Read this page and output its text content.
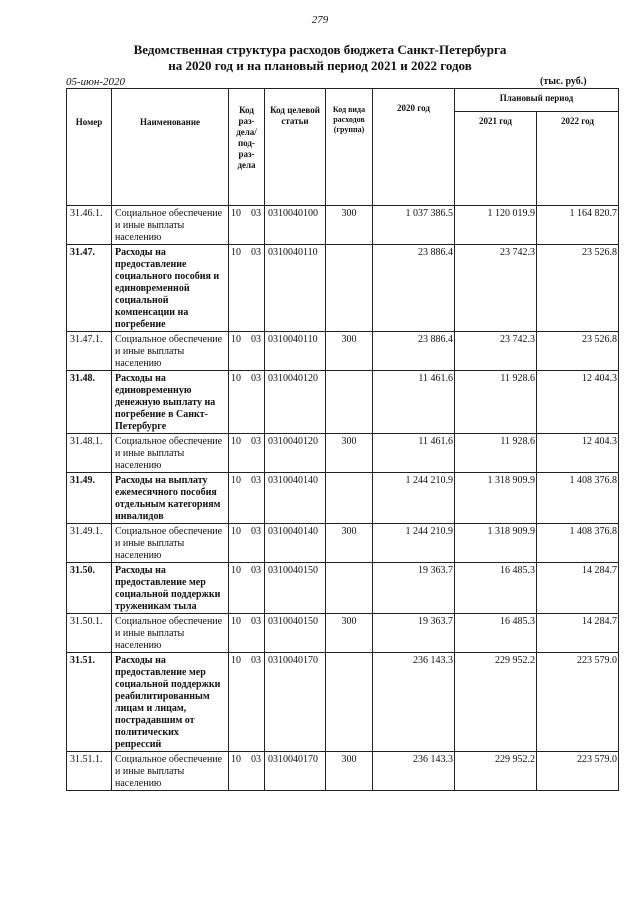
279
Ведомственная структура расходов бюджета Санкт-Петербурга
на 2020 год и на плановый период 2021 и 2022 годов
05-июн-2020	(тыс. руб.)
Номер	Наименование	Код раз- дела/ под- раз- дела	Код целевой статьи	Код вида расходов (группа)	2020 год	Плановый период	
						2021 год	2022 год
31.46.1.	Социальное обеспечение и иные выплаты населению	10 03	0310040100	300	1 037 386.5	1 120 019.9	1 164 820.7
31.47.	Расходы на предоставление социального пособия и единовременной социальной компенсации на погребение	10 03	0310040110		23 886.4	23 742.3	23 526.8
31.47.1.	Социальное обеспечение и иные выплаты населению	10 03	0310040110	300	23 886.4	23 742.3	23 526.8
31.48.	Расходы на единовременную денежную выплату на погребение в Санкт-Петербурге	10 03	0310040120		11 461.6	11 928.6	12 404.3
31.48.1.	Социальное обеспечение и иные выплаты населению	10 03	0310040120	300	11 461.6	11 928.6	12 404.3
31.49.	Расходы на выплату ежемесячного пособия отдельным категориям инвалидов	10 03	0310040140		1 244 210.9	1 318 909.9	1 408 376.8
31.49.1.	Социальное обеспечение и иные выплаты населению	10 03	0310040140	300	1 244 210.9	1 318 909.9	1 408 376.8
31.50.	Расходы на предоставление мер социальной поддержки труженикам тыла	10 03	0310040150		19 363.7	16 485.3	14 284.7
31.50.1.	Социальное обеспечение и иные выплаты населению	10 03	0310040150	300	19 363.7	16 485.3	14 284.7
31.51.	Расходы на предоставление мер социальной поддержки реабилитированным лицам и лицам, пострадавшим от политических репрессий	10 03	0310040170		236 143.3	229 952.2	223 579.0
31.51.1.	Социальное обеспечение и иные выплаты населению	10 03	0310040170	300	236 143.3	229 952.2	223 579.0
